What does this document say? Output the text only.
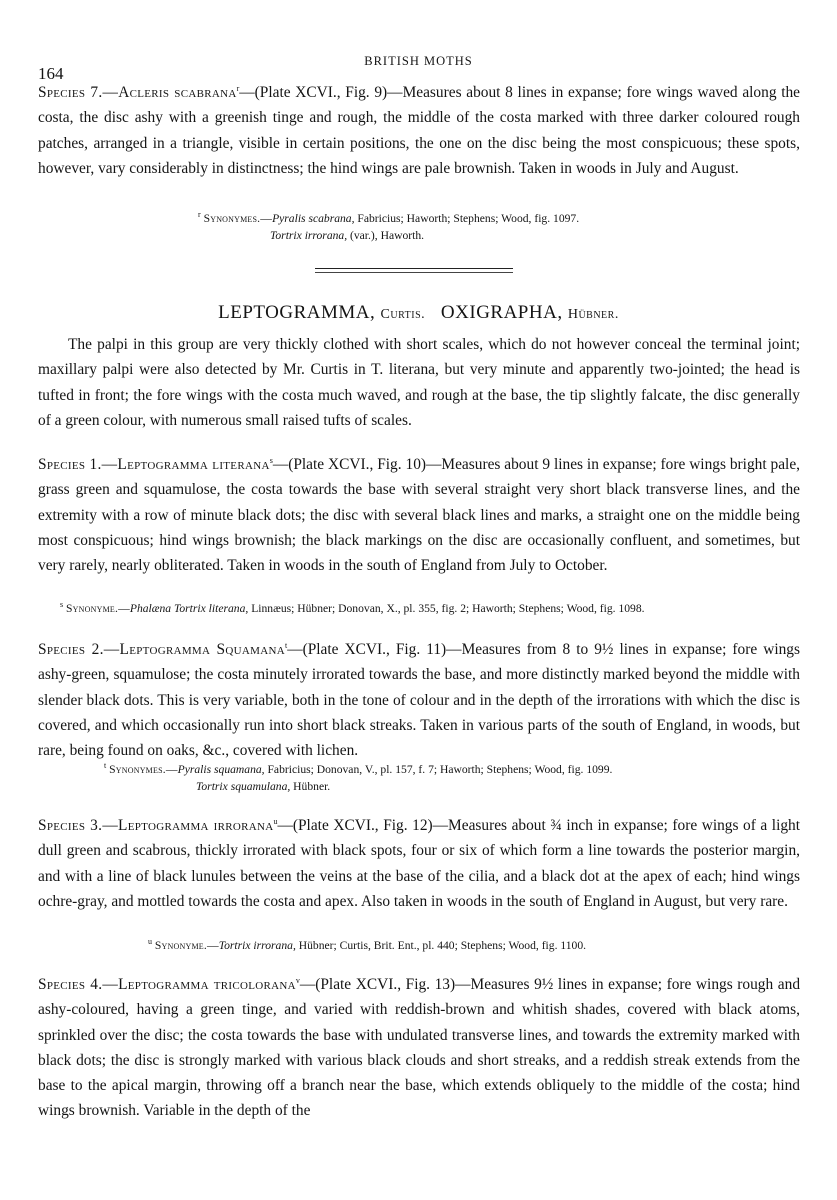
164
BRITISH MOTHS

Species 7.—Acleris scabrana$^r$—(Plate XCVI., Fig. 9)—Measures about 8 lines in expanse; fore wings waved along the costa, the disc ashy with a greenish tinge and rough, the middle of the costa marked with three darker coloured rough patches, arranged in a triangle, visible in certain positions, the one on the disc being the most conspicuous; these spots, however, vary considerably in distinctness; the hind wings are pale brownish. Taken in woods in July and August.

$^r$ Synonymes.—Pyralis scabrana, Fabricius; Haworth; Stephens; Wood, fig. 1097.

Tortrix irrorana, (var.), Haworth.

LEPTOGRAMMA, Curtis. OXIGRAPHA, Hübner.

The palpi in this group are very thickly clothed with short scales, which do not however conceal the terminal joint; maxillary palpi were also detected by Mr. Curtis in T. literana, but very minute and apparently two-jointed; the head is tufted in front; the fore wings with the costa much waved, and rough at the base, the tip slightly falcate, the disc generally of a green colour, with numerous small raised tufts of scales.

Species 1.—Leptogramma literana$^s$—(Plate XCVI., Fig. 10)—Measures about 9 lines in expanse; fore wings bright pale, grass green and squamulose, the costa towards the base with several straight very short black transverse lines, and the extremity with a row of minute black dots; the disc with several black lines and marks, a straight one on the middle being most conspicuous; hind wings brownish; the black markings on the disc are occasionally confluent, and sometimes, but very rarely, nearly obliterated. Taken in woods in the south of England from July to October.

$^s$ Synonyme.—Phalæna Tortrix literana, Linnæus; Hübner; Donovan, X., pl. 355, fig. 2; Haworth; Stephens; Wood, fig. 1098.

Species 2.—Leptogramma Squamana$^t$—(Plate XCVI., Fig. 11)—Measures from 8 to 9½ lines in expanse; fore wings ashy-green, squamulose; the costa minutely irrorated towards the base, and more distinctly marked beyond the middle with slender black dots. This is very variable, both in the tone of colour and in the depth of the irrorations with which the disc is covered, and which occasionally run into short black streaks. Taken in various parts of the south of England, in woods, but rare, being found on oaks, &c., covered with lichen.

$^t$ Synonymes.—Pyralis squamana, Fabricius; Donovan, V., pl. 157, f. 7; Haworth; Stephens; Wood, fig. 1099.

Tortrix squamulana, Hübner.

Species 3.—Leptogramma irrorana$^u$—(Plate XCVI., Fig. 12)—Measures about ¾ inch in expanse; fore wings of a light dull green and scabrous, thickly irrorated with black spots, four or six of which form a line towards the posterior margin, and with a line of black lunules between the veins at the base of the cilia, and a black dot at the apex of each; hind wings ochre-gray, and mottled towards the costa and apex. Also taken in woods in the south of England in August, but very rare.

$^u$ Synonyme.—Tortrix irrorana, Hübner; Curtis, Brit. Ent., pl. 440; Stephens; Wood, fig. 1100.

Species 4.—Leptogramma tricolorana$^v$—(Plate XCVI., Fig. 13)—Measures 9½ lines in expanse; fore wings rough and ashy-coloured, having a green tinge, and varied with reddish-brown and whitish shades, covered with black atoms, sprinkled over the disc; the costa towards the base with undulated transverse lines, and towards the extremity marked with black dots; the disc is strongly marked with various black clouds and short streaks, and a reddish streak extends from the base to the apical margin, throwing off a branch near the base, which extends obliquely to the middle of the costa; hind wings brownish. Variable in the depth of the
